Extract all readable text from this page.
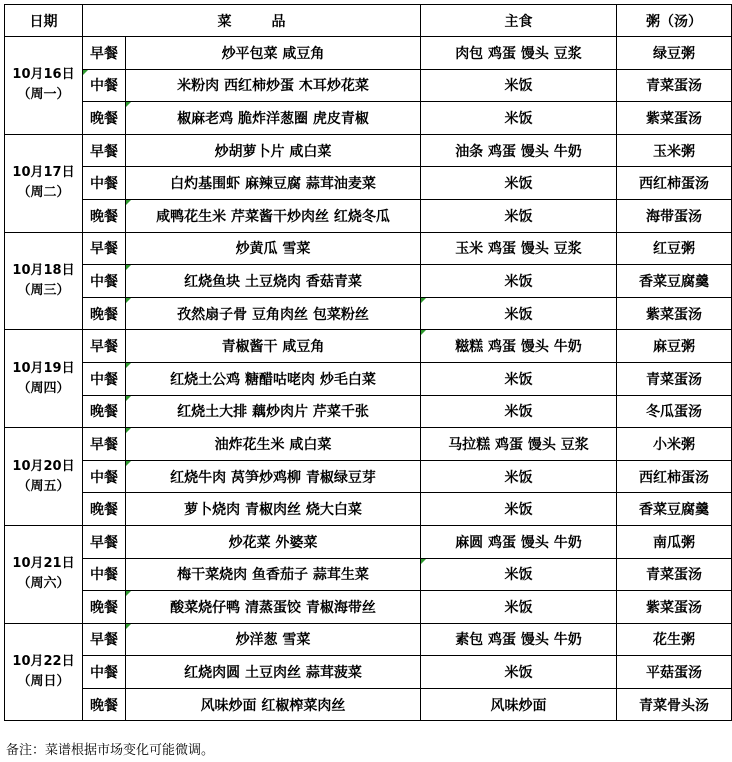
日期	菜 品		主食	粥（汤）

10月16日
（周一）	早餐	炒平包菜 咸豆角	肉包 鸡蛋 馒头 豆浆	绿豆粥
	中餐	米粉肉 西红柿炒蛋 木耳炒花菜	米饭	青菜蛋汤
	晚餐	椒麻老鸡 脆炸洋葱圈 虎皮青椒	米饭	紫菜蛋汤

10月17日
（周二）	早餐	炒胡萝卜片 咸白菜	油条 鸡蛋 馒头 牛奶	玉米粥
	中餐	白灼基围虾 麻辣豆腐 蒜茸油麦菜	米饭	西红柿蛋汤
	晚餐	咸鸭花生米 芹菜酱干炒肉丝 红烧冬瓜	米饭	海带蛋汤

10月18日
（周三）	早餐	炒黄瓜 雪菜	玉米 鸡蛋 馒头 豆浆	红豆粥
	中餐	红烧鱼块 土豆烧肉 香菇青菜	米饭	香菜豆腐羹
	晚餐	孜然扇子骨 豆角肉丝 包菜粉丝	米饭	紫菜蛋汤

10月19日
（周四）	早餐	青椒酱干 咸豆角	糍糕 鸡蛋 馒头 牛奶	麻豆粥
	中餐	红烧土公鸡 糖醋咕咾肉 炒毛白菜	米饭	青菜蛋汤
	晚餐	红烧土大排 藕炒肉片 芹菜千张	米饭	冬瓜蛋汤

10月20日
（周五）	早餐	油炸花生米 咸白菜	马拉糕 鸡蛋 馒头 豆浆	小米粥
	中餐	红烧牛肉 莴笋炒鸡柳 青椒绿豆芽	米饭	西红柿蛋汤
	晚餐	萝卜烧肉 青椒肉丝 烧大白菜	米饭	香菜豆腐羹

10月21日
（周六）	早餐	炒花菜 外婆菜	麻圆 鸡蛋 馒头 牛奶	南瓜粥
	中餐	梅干菜烧肉 鱼香茄子 蒜茸生菜	米饭	青菜蛋汤
	晚餐	酸菜烧仔鸭 清蒸蛋饺 青椒海带丝	米饭	紫菜蛋汤

10月22日
（周日）	早餐	炒洋葱 雪菜	素包 鸡蛋 馒头 牛奶	花生粥
	中餐	红烧肉圆 土豆肉丝 蒜茸菠菜	米饭	平菇蛋汤
	晚餐	风味炒面 红椒榨菜肉丝	风味炒面	青菜骨头汤
备注：菜谱根据市场变化可能微调。
